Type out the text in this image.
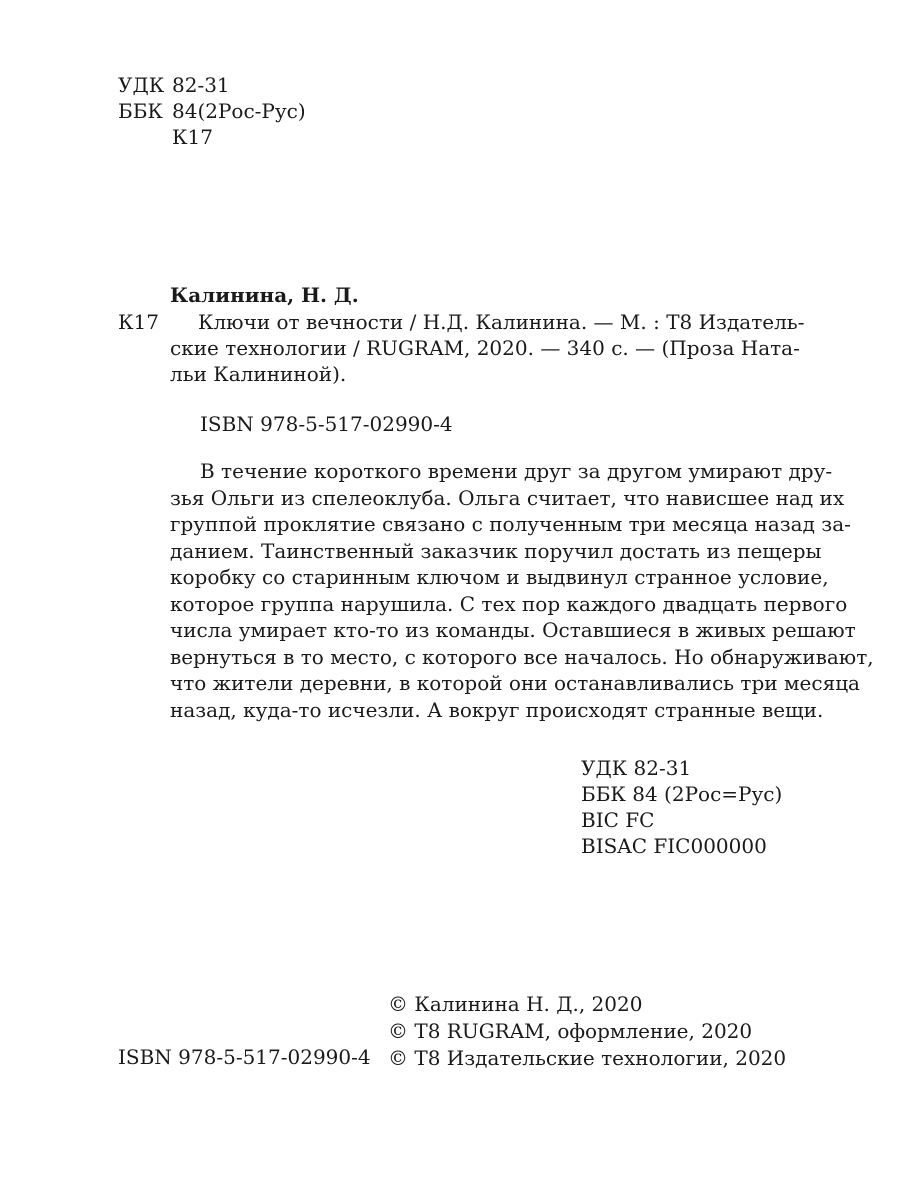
УДК 82-31
ББК 84(2Рос-Рус)
К17
Калинина, Н. Д.
К17	Ключи от вечности / Н.Д. Калинина. — М. : Т8 Издатель-
ские технологии / RUGRAM, 2020. — 340 с. — (Проза Ната-
льи Калининой).
ISBN 978-5-517-02990-4
В течение короткого времени друг за другом умирают дру-
зья Ольги из спелеоклуба. Ольга считает, что нависшее над их
группой проклятие связано с полученным три месяца назад за-
данием. Таинственный заказчик поручил достать из пещеры
коробку со старинным ключом и выдвинул странное условие,
которое группа нарушила. С тех пор каждого двадцать первого
числа умирает кто-то из команды. Оставшиеся в живых решают
вернуться в то место, с которого все началось. Но обнаруживают,
что жители деревни, в которой они останавливались три месяца
назад, куда-то исчезли. А вокруг происходят странные вещи.
УДК 82-31
ББК 84 (2Рос=Рус)
BIC FC
BISAC FIC000000
ISBN 978-5-517-02990-4
© Калинина Н. Д., 2020
© Т8 RUGRAM, оформление, 2020
© Т8 Издательские технологии, 2020
